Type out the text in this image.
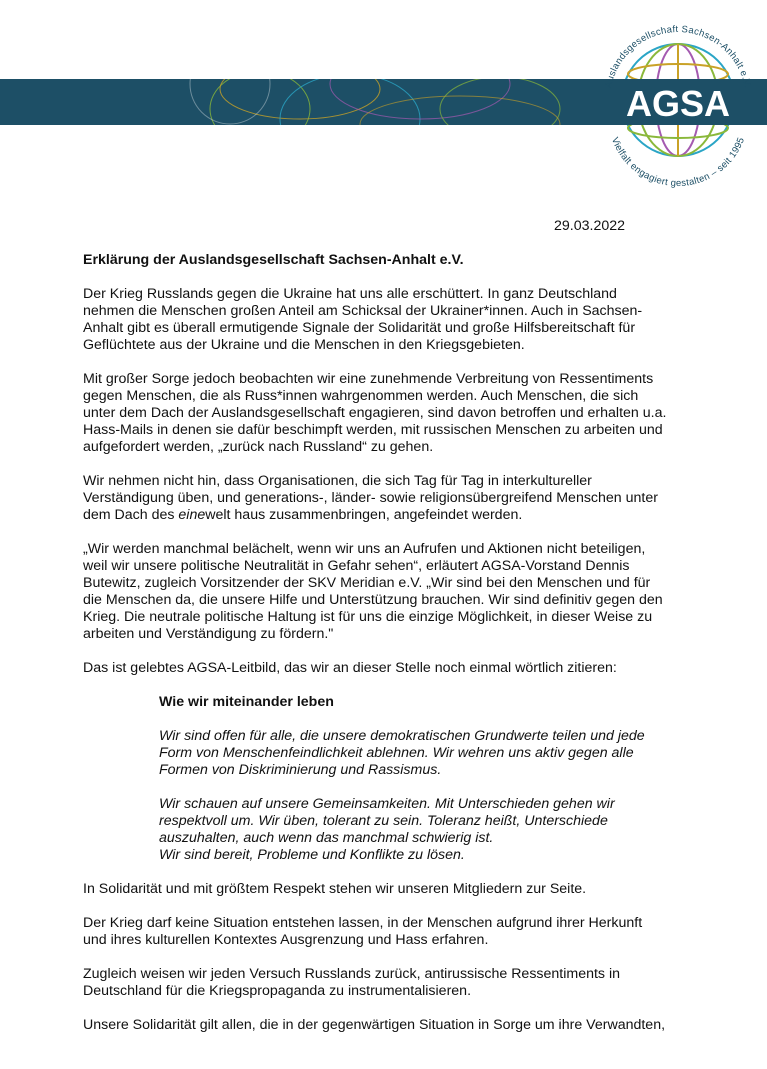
AGSA
Auslandsgesellschaft Sachsen-Anhalt e.V.
Vielfalt engagiert gestalten – seit 1995
29.03.2022
Erklärung der Auslandsgesellschaft Sachsen-Anhalt e.V.

Der Krieg Russlands gegen die Ukraine hat uns alle erschüttert. In ganz Deutschland
nehmen die Menschen großen Anteil am Schicksal der Ukrainer*innen. Auch in Sachsen-
Anhalt gibt es überall ermutigende Signale der Solidarität und große Hilfsbereitschaft für
Geflüchtete aus der Ukraine und die Menschen in den Kriegsgebieten.

Mit großer Sorge jedoch beobachten wir eine zunehmende Verbreitung von Ressentiments
gegen Menschen, die als Russ*innen wahrgenommen werden. Auch Menschen, die sich
unter dem Dach der Auslandsgesellschaft engagieren, sind davon betroffen und erhalten u.a.
Hass-Mails in denen sie dafür beschimpft werden, mit russischen Menschen zu arbeiten und
aufgefordert werden, „zurück nach Russland“ zu gehen.

Wir nehmen nicht hin, dass Organisationen, die sich Tag für Tag in interkultureller
Verständigung üben, und generations-, länder- sowie religionsübergreifend Menschen unter
dem Dach des einewelt haus zusammenbringen, angefeindet werden.

„Wir werden manchmal belächelt, wenn wir uns an Aufrufen und Aktionen nicht beteiligen,
weil wir unsere politische Neutralität in Gefahr sehen“, erläutert AGSA-Vorstand Dennis
Butewitz, zugleich Vorsitzender der SKV Meridian e.V. „Wir sind bei den Menschen und für
die Menschen da, die unsere Hilfe und Unterstützung brauchen. Wir sind definitiv gegen den
Krieg. Die neutrale politische Haltung ist für uns die einzige Möglichkeit, in dieser Weise zu
arbeiten und Verständigung zu fördern."

Das ist gelebtes AGSA-Leitbild, das wir an dieser Stelle noch einmal wörtlich zitieren:

Wie wir miteinander leben

Wir sind offen für alle, die unsere demokratischen Grundwerte teilen und jede
Form von Menschenfeindlichkeit ablehnen. Wir wehren uns aktiv gegen alle
Formen von Diskriminierung und Rassismus.

Wir schauen auf unsere Gemeinsamkeiten. Mit Unterschieden gehen wir
respektvoll um. Wir üben, tolerant zu sein. Toleranz heißt, Unterschiede
auszuhalten, auch wenn das manchmal schwierig ist.
Wir sind bereit, Probleme und Konflikte zu lösen.

In Solidarität und mit größtem Respekt stehen wir unseren Mitgliedern zur Seite.

Der Krieg darf keine Situation entstehen lassen, in der Menschen aufgrund ihrer Herkunft
und ihres kulturellen Kontextes Ausgrenzung und Hass erfahren.

Zugleich weisen wir jeden Versuch Russlands zurück, antirussische Ressentiments in
Deutschland für die Kriegspropaganda zu instrumentalisieren.

Unsere Solidarität gilt allen, die in der gegenwärtigen Situation in Sorge um ihre Verwandten,
